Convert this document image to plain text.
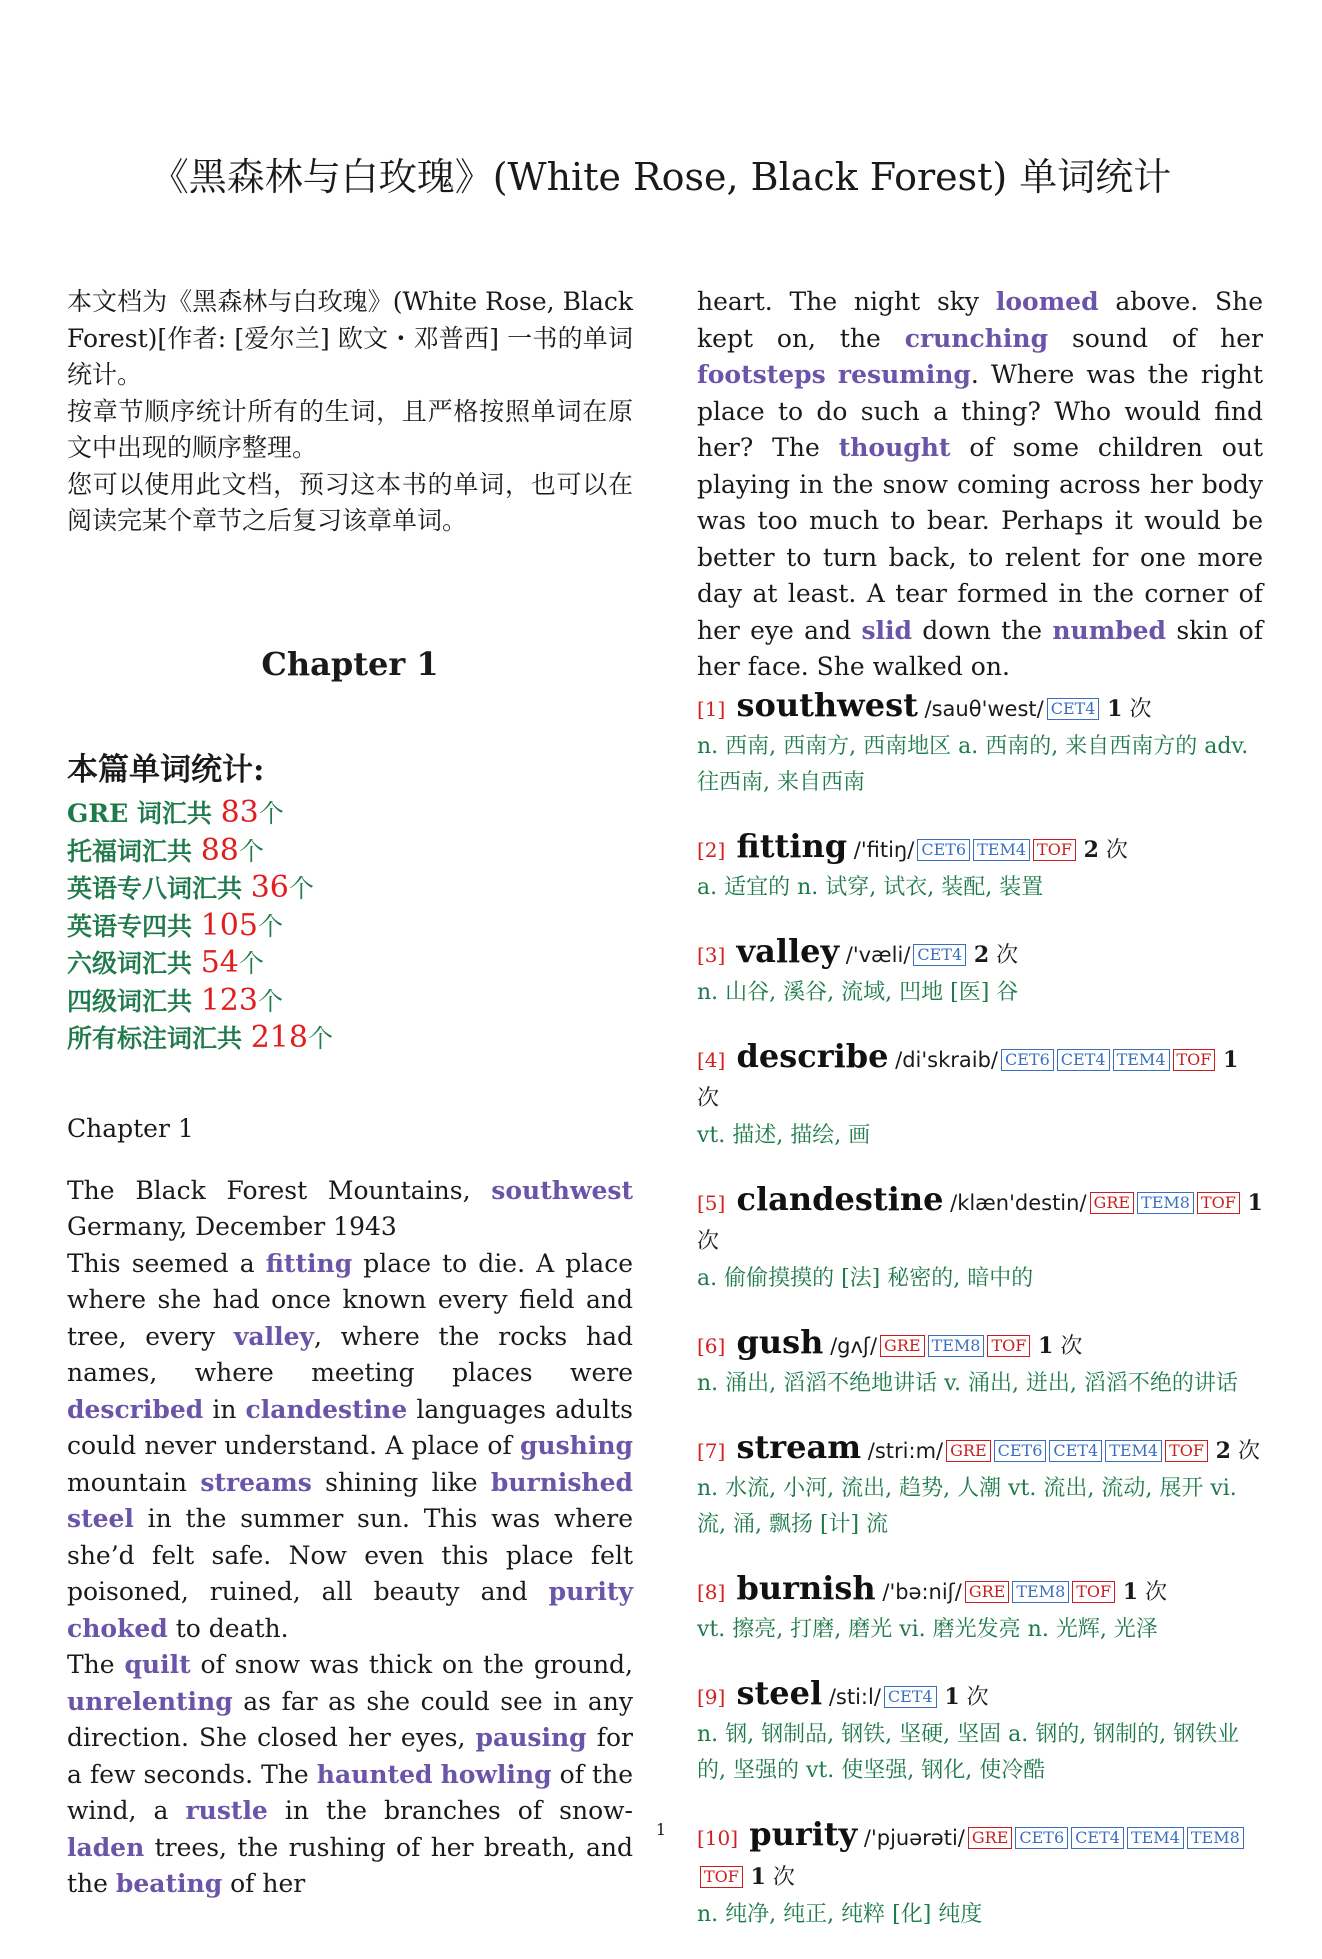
《黑森林与白玫瑰》(White Rose, Black Forest) 单词统计

本文档为《黑森林与白玫瑰》(White Rose, Black Forest)[作者: [爱尔兰] 欧文・邓普西] 一书的单词统计。

按章节顺序统计所有的生词，且严格按照单词在原文中出现的顺序整理。

您可以使用此文档，预习这本书的单词，也可以在阅读完某个章节之后复习该章单词。

Chapter 1
本篇单词统计:
GRE 词汇共 83个
托福词汇共 88个
英语专八词汇共 36个
英语专四共 105个
六级词汇共 54个
四级词汇共 123个
所有标注词汇共 218个

Chapter 1

The Black Forest Mountains, southwest Germany, December 1943
This seemed a fitting place to die. A place where she had once known every field and tree, every valley, where the rocks had names, where meeting places were described in clandestine languages adults could never understand. A place of gushing mountain streams shining like burnished steel in the summer sun. This was where she’d felt safe. Now even this place felt poisoned, ruined, all beauty and purity choked to death.
The quilt of snow was thick on the ground, unrelenting as far as she could see in any direction. She closed her eyes, pausing for a few seconds. The haunted howling of the wind, a rustle in the branches of snow-laden trees, the rushing of her breath, and the beating of her

heart. The night sky loomed above. She kept on, the crunching sound of her footsteps resuming. Where was the right place to do such a thing? Who would find her? The thought of some children out playing in the snow coming across her body was too much to bear. Perhaps it would be better to turn back, to relent for one more day at least. A tear formed in the corner of her eye and slid down the numbed skin of her face. She walked on.

[1] southwest /sauθ'west/ CET4 1 次
n. 西南, 西南方, 西南地区 a. 西南的, 来自西南方的 adv. 往西南, 来自西南
[2] fitting /'fitiŋ/ CET6 TEM4 TOF 2 次
a. 适宜的 n. 试穿, 试衣, 装配, 装置
[3] valley /'væli/ CET4 2 次
n. 山谷, 溪谷, 流域, 凹地 [医] 谷
[4] describe /di'skraib/ CET6 CET4 TEM4 TOF 1 次
vt. 描述, 描绘, 画
[5] clandestine /klæn'destin/ GRE TEM8 TOF 1 次
a. 偷偷摸摸的 [法] 秘密的, 暗中的
[6] gush /gʌʃ/ GRE TEM8 TOF 1 次
n. 涌出, 滔滔不绝地讲话 v. 涌出, 迸出, 滔滔不绝的讲话
[7] stream /stri:m/ GRE CET6 CET4 TEM4 TOF 2 次
n. 水流, 小河, 流出, 趋势, 人潮 vt. 流出, 流动, 展开 vi. 流, 涌, 飘扬 [计] 流
[8] burnish /'bə:niʃ/ GRE TEM8 TOF 1 次
vt. 擦亮, 打磨, 磨光 vi. 磨光发亮 n. 光辉, 光泽
[9] steel /sti:l/ CET4 1 次
n. 钢, 钢制品, 钢铁, 坚硬, 坚固 a. 钢的, 钢制的, 钢铁业的, 坚强的 vt. 使坚强, 钢化, 使冷酷
[10] purity /'pjuərəti/ GRE CET6 CET4 TEM4 TEM8TOF 1 次
n. 纯净, 纯正, 纯粹 [化] 纯度
1
